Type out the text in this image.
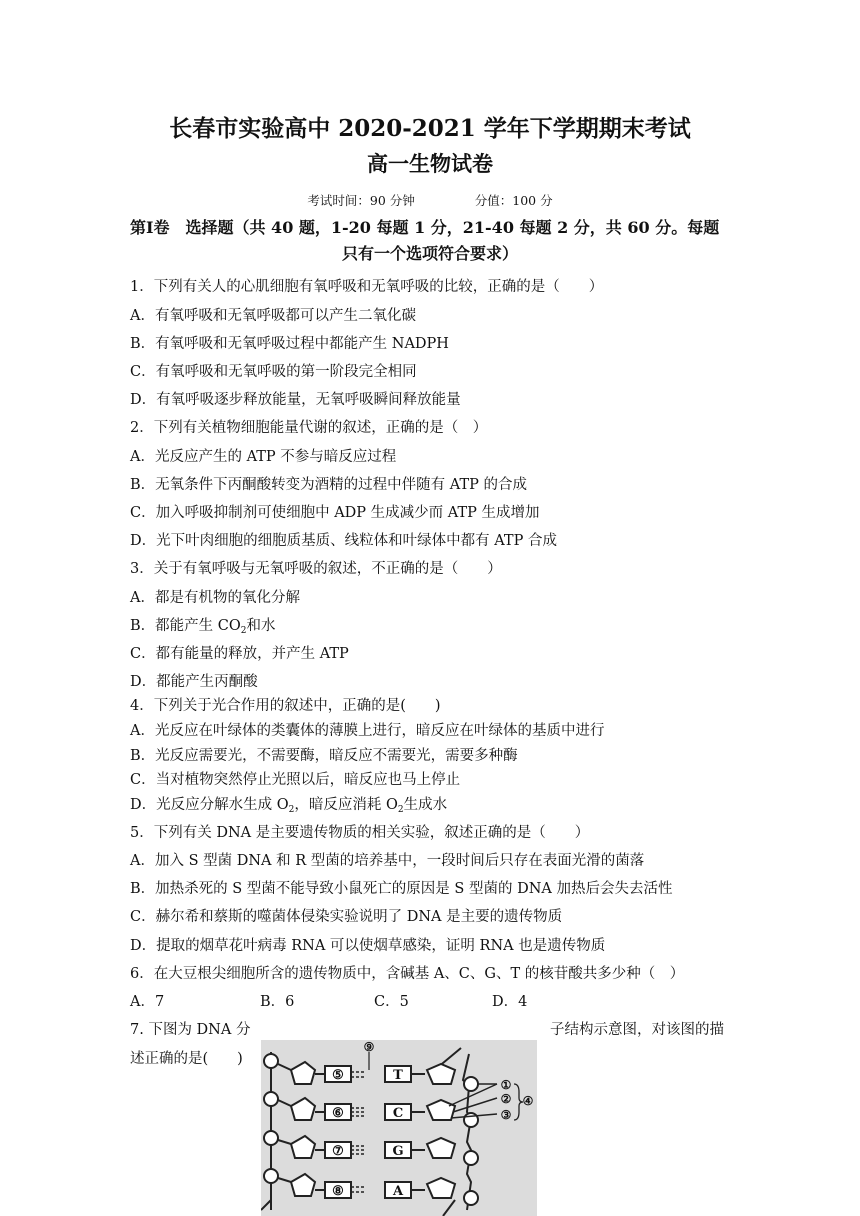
长春市实验高中 2020-2021 学年下学期期末考试
高一生物试卷
考试时间：90 分钟	分值：100 分
第Ⅰ卷　选择题（共 40 题，1-20 每题 1 分，21-40 每题 2 分，共 60 分。每题
只有一个选项符合要求）
1．下列有关人的心肌细胞有氧呼吸和无氧呼吸的比较，正确的是（　　）
A．有氧呼吸和无氧呼吸都可以产生二氧化碳
B．有氧呼吸和无氧呼吸过程中都能产生 NADPH
C．有氧呼吸和无氧呼吸的第一阶段完全相同
D．有氧呼吸逐步释放能量，无氧呼吸瞬间释放能量
2．下列有关植物细胞能量代谢的叙述，正确的是（　）
A．光反应产生的 ATP 不参与暗反应过程
B．无氧条件下丙酮酸转变为酒精的过程中伴随有 ATP 的合成
C．加入呼吸抑制剂可使细胞中 ADP 生成减少而 ATP 生成增加
D．光下叶肉细胞的细胞质基质、线粒体和叶绿体中都有 ATP 合成
3．关于有氧呼吸与无氧呼吸的叙述，不正确的是（　　）
A．都是有机物的氧化分解
B．都能产生 $CO_2$和水
C．都有能量的释放，并产生 ATP
D．都能产生丙酮酸
4．下列关于光合作用的叙述中，正确的是(　　)
A．光反应在叶绿体的类囊体的薄膜上进行，暗反应在叶绿体的基质中进行
B．光反应需要光，不需要酶，暗反应不需要光，需要多种酶
C．当对植物突然停止光照以后，暗反应也马上停止
D．光反应分解水生成 $O_2$，暗反应消耗 $O_2$生成水
5．下列有关 DNA 是主要遗传物质的相关实验，叙述正确的是（　　）
A．加入 S 型菌 DNA 和 R 型菌的培养基中，一段时间后只存在表面光滑的菌落
B．加热杀死的 S 型菌不能导致小鼠死亡的原因是 S 型菌的 DNA 加热后会失去活性
C．赫尔希和蔡斯的噬菌体侵染实验说明了 DNA 是主要的遗传物质
D．提取的烟草花叶病毒 RNA 可以使烟草感染，证明 RNA 也是遗传物质
6．在大豆根尖细胞所含的遗传物质中，含碱基 A、C、G、T 的核苷酸共多少种（　）
A．7	B．6	C．5	D．4
7. 下图为 DNA 分	子结构示意图，对该图的描
述正确的是(　　)
⑤
⑥
⑦
⑧
⑨
T
C
G
A
①
②
③
④
